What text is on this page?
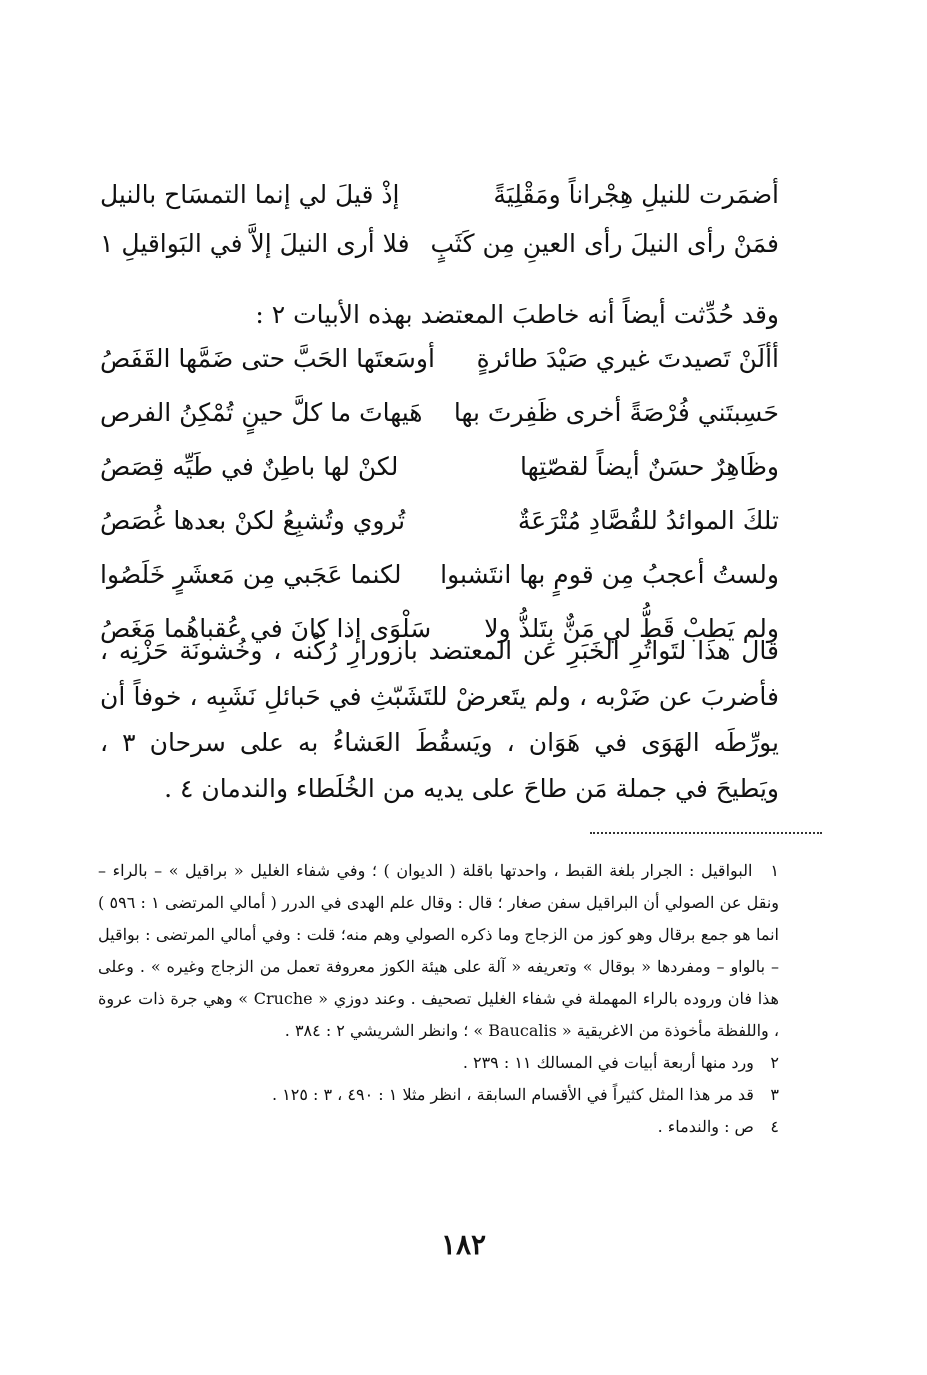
أضمَرت للنيلِ هِجْراناً ومَقْلِيَةً
إذْ قيلَ لي إنما التمسَاح بالنيل
فمَنْ رأى النيلَ رأى العينِ مِن كَثَبٍ
فلا أرى النيلَ إلاَّ في البَواقيلِ ١
وقد حُدِّثت أيضاً أنه خاطبَ المعتضد بهذه الأبيات ٢ :
أألَنْ تَصيدتَ غيري صَيْدَ طائرةٍ
أوسَعتَها الحَبَّ حتى ضَمَّها القَفَصُ
حَسِبتَني فُرْصَةً أخرى ظَفِرتَ بها
هَيهاتَ ما كلَّ حينٍ تُمْكِنُ الفرص
وظَاهِرٌ حسَنٌ أيضاً لقصّتِها
لكنْ لها باطِنٌ في طَيِّه قِصَصُ
تلكَ الموائدُ للقُصَّادِ مُتْرَعَةٌ
تُروي وتُشبِعُ لكنْ بعدها غُصَصُ
ولستُ أعجبُ مِن قومٍ بها انتَشبوا
لكنما عَجَبي مِن مَعشَرٍ خَلَصُوا
ولم يَطِبْ قَطُّ لي مَنٌّ بِتَلذُّ ولا
سَلْوَى إذا كانَ في عُقباهُما مَغَصُ
قال هذا لتَواتُرِ الخَبَرِ عن المعتضد بازورارِ رُكْنه ، وخُشونَة حَزْنِه ، فأضربَ عن ضَرْبه ، ولم يتَعرضْ للتَشَبّثِ في حَبائلِ نَشَبِه ، خوفاً أن يورِّطَه الهَوَى في هَوَان ، ويَسقُطَ العَشاءُ به على سرحان ٣ ، ويَطيحَ في جملة مَن طاحَ على يديه من الخُلَطاء والندمان ٤ .
١ البواقيل : الجرار بلغة القبط ، واحدتها باقلة ( الديوان ) ؛ وفي شفاء الغليل « براقيل » – بالراء – ونقل عن الصولي أن البراقيل سفن صغار ؛ قال : وقال علم الهدى في الدرر ( أمالي المرتضى ١ : ٥٩٦ ) انما هو جمع برقال وهو كوز من الزجاج وما ذكره الصولي وهم منه؛ قلت : وفي أمالي المرتضى : بواقيل – بالواو – ومفردها « بوقال » وتعريفه « آلة على هيئة الكوز معروفة تعمل من الزجاج وغيره » . وعلى هذا فان وروده بالراء المهملة في شفاء الغليل تصحيف . وعند دوزي « Cruche » وهي جرة ذات عروة ، واللفظة مأخوذة من الاغريقية « Baucalis » ؛ وانظر الشريشي ٢ : ٣٨٤ .
٢ ورد منها أربعة أبيات في المسالك ١١ : ٢٣٩ .
٣ قد مر هذا المثل كثيراً في الأقسام السابقة ، انظر مثلا ١ : ٤٩٠ ، ٣ : ١٢٥ .
٤ ص : والندماء .
١٨٢
